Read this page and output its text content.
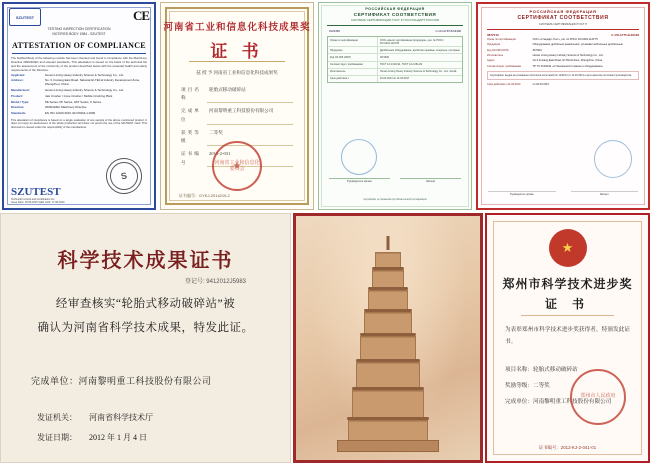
SZUTEST	CE
TESTING INSPECTION CERTIFICATION
NOTIFIED BODY 1984 - SZUTEST
ATTESTATION OF COMPLIANCE
The Notified Body of the following module has been checked and found in compliance with the Machinery Directive 2006/42/EC and relevant standards. This attestation is issued on the basis of the technical file and the assessment of the conformity of the product described below with the essential health and safety requirements of the Directive.
Applicant:	Henan Liming Heavy Industry Science & Technology Co., Ltd.
Address:	No. 3, Fuxiang East Road, National HI-TECH Industry Development Zone, Zhengzhou, China
Manufacturer:	Henan Liming Heavy Industry Science & Technology Co., Ltd.
Product:	Jaw Crusher / Cone Crusher / Mobile Crushing Plant
Model / Type:	PE Series, PF Series, HST Series, K Series
Directive:	2006/42/EC Machinery Directive
Standards:	EN ISO 12100:2010, EN 60204-1:2006
This attestation of compliance is based on a single evaluation of one sample of the above mentioned product. It does not imply an assessment of the whole production and does not permit the use of the SZUTEST mark. This document is issued under the responsibility of the manufacturer.
S
SZUTEST
Technical Control and Certification Inc.
Issue Date: 18.06.2015 Valid Until: 17.06.2020
河南省工业和信息化科技成果奖
证 书
兹 授 予 河南省工业和信息化科技成果奖
项目名称
轮胎式移动破碎站
完成单位
河南黎明重工科技股份有限公司
获奖等级
二等奖
证书编号
2015-2-031
★ 河南省工业和信息化委员会
证书编号：GYKJ-2014215-2
РОССИЙСКАЯ ФЕДЕРАЦИЯ
СЕРТИФИКАТ СООТВЕТСТВИЯ
СИСТЕМА СЕРТИФИКАЦИИ ГОСТ Р ГОССТАНДАРТ РОССИИ
0123456	С-CN.АГ35.В.04306
Орган по сертификации	ООО «Центр сертификации продукции», рег. № РОСС RU.0001.11АГ35
Продукция	Дробильное оборудование: дробилки щековые, конусные, роторные
Код ОК 005 (ОКП)	48 5300
Соответствует требованиям	ГОСТ 12.2.003-91, ГОСТ 12.2.061-81
Изготовитель	Henan Liming Heavy Industry Science & Technology Co., Ltd., Китай
Срок действия с	15.04.2014 по 14.04.2017
Руководитель органа	Эксперт
Сертификат не применим при обязательной сертификации
РОССИЙСКАЯ ФЕДЕРАЦИЯ
СЕРТИФИКАТ СООТВЕТСТВИЯ
СИСТЕМА СЕРТИФИКАЦИИ ГОСТ Р
0872743	C-CN.АГ75.В.00128
Орган по сертификации	ООО «Стандарт-Тест», рег. № РОСС RU.0001.11АГ75
Продукция	Оборудование дробильно-размольное: установки мобильные дробильные
Код ОК 005 (ОКП)	48 5310
Изготовитель	Henan Liming Heavy Industry Science & Technology Co., Ltd.
Адрес	No.3 Fuxiang East Road, HI-TECH Zone, Zhengzhou, China
Соответствует требованиям	ТР ТС 010/2011 «О безопасности машин и оборудования»
Сертификат выдан на основании протокола испытаний № 1245/14 от 12.03.2014 и акта анализа состояния производства.
Срок действия с 21.03.2014	по 20.03.2017
Руководитель органа	Эксперт
科学技术成果证书
登记号: 9412012J5983
经审查核实“轮胎式移动破碎站”被
确认为河南省科学技术成果，特发此证。
完成单位：河南黎明重工科技股份有限公司
发证机关： 河南省科学技术厅
发证日期： 2012 年 1 月 4 日
★
郑州市科学技术进步奖
证 书
为表彰郑州市科学技术进步奖获得者，特颁发此证书。
项目名称：轮胎式移动破碎站
奖励等级：二等奖
完成单位：河南黎明重工科技股份有限公司
郑州市人民政府
证书编号：2012-KJ-2-041-01
